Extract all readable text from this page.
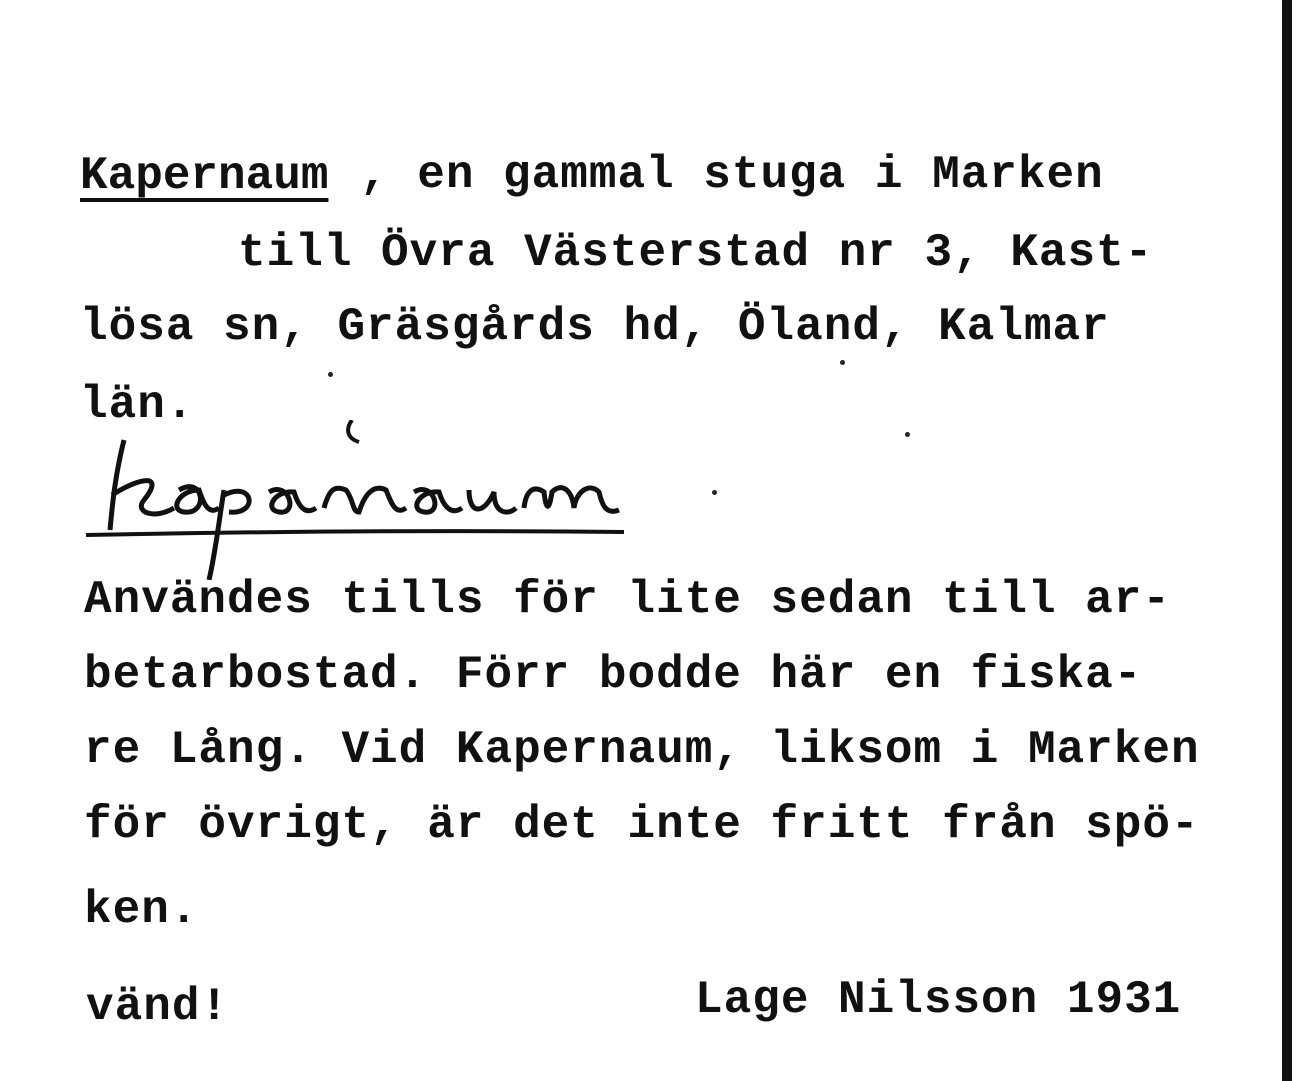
Kapernaum , en gammal stuga i Marken
till Övra Västerstad nr 3, Kast-
lösa sn, Gräsgårds hd, Öland, Kalmar
län.
Användes tills för lite sedan till ar-
betarbostad. Förr bodde här en fiska-
re Lång. Vid Kapernaum, liksom i Marken
för övrigt, är det inte fritt från spö-
ken.
vänd!	Lage Nilsson 1931
